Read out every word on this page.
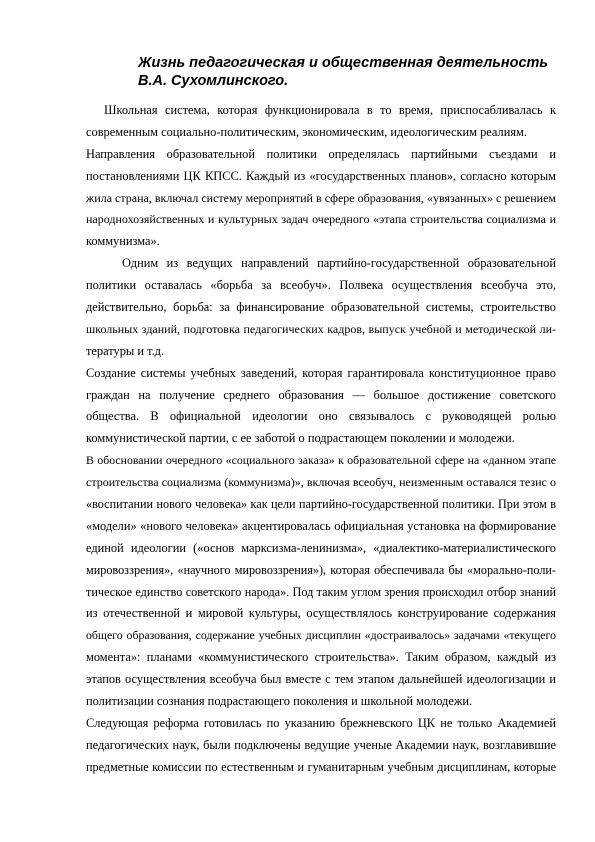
Жизнь педагогическая и общественная деятельность
В.А. Сухомлинского.

Школьная система, которая функционировала в то время, приспосабливалась к
современным социально-политическим, экономическим, идеологическим реалиям.

Направления образовательной политики определялась партийными съездами и
постановлениями ЦК КПСС. Каждый из «государственных планов», согласно которым
жила страна, включал систему мероприятий в сфере образования, «увязанных» с решением
народнохозяйственных и культурных задач очередного «этапа строительства социализма и
коммунизма».

Одним из ведущих направлений партийно-государственной образовательной
политики оставалась «борьба за всеобуч». Полвека осуществления всеобуча это,
действительно, борьба: за финансирование образовательной системы, строительство
школьных зданий, подготовка педагогических кадров, выпуск учебной и методической ли-
тературы и т.д.

Создание системы учебных заведений, которая гарантировала конституционное право
граждан на получение среднего образования — большое достижение советского
общества. В официальной идеологии оно связывалось с руководящей ролью
коммунистической партии, с ее заботой о подрастающем поколении и молодежи.

В обосновании очередного «социального заказа» к образовательной сфере на «данном этапе
строительства социализма (коммунизма)», включая всеобуч, неизменным оставался тезис о
«воспитании нового человека» как цели партийно-государственной политики. При этом в
«модели» «нового человека» акцентировалась официальная установка на формирование
единой идеологии («основ марксизма-ленинизма», «диалектико-материалистического
мировоззрения», «научного мировоззрения»), которая обеспечивала бы «морально-поли-
тическое единство советского народа». Под таким углом зрения происходил отбор знаний
из отечественной и мировой культуры, осуществлялось конструирование содержания
общего образования, содержание учебных дисциплин «достраивалось» задачами «текущего
момента»: планами «коммунистического строительства». Таким образом, каждый из
этапов осуществления всеобуча был вместе с тем этапом дальнейшей идеологизации и
политизации сознания подрастающего поколения и школьной молодежи.

Следующая реформа готовилась по указанию брежневского ЦК не только Академией
педагогических наук, были подключены ведущие ученые Академии наук, возглавившие
предметные комиссии по естественным и гуманитарным учебным дисциплинам, которые
